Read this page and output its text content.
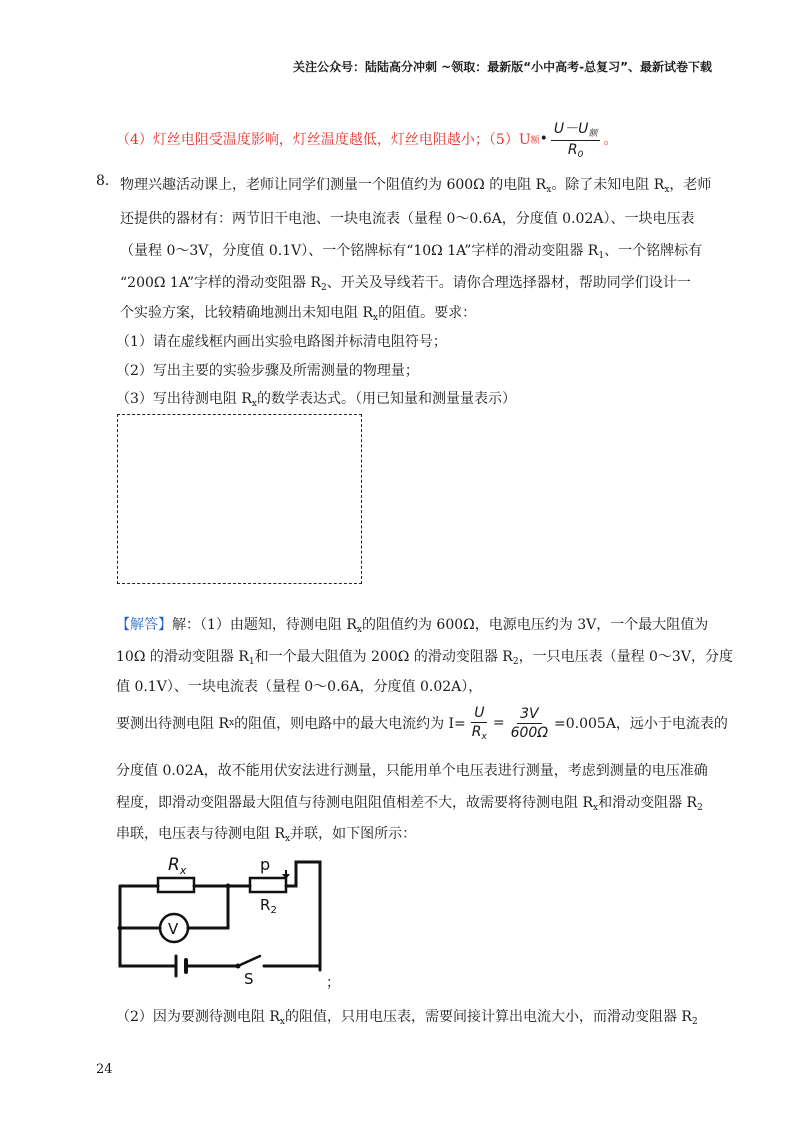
关注公众号：陆陆高分冲刺 ~领取：最新版“小中高考-总复习”、最新试卷下载
（4）灯丝电阻受温度影响，灯丝温度越低，灯丝电阻越小；（5）U 额 • $\frac{U-U_额}{R_0}$ 。
8． 物理兴趣活动课上，老师让同学们测量一个阻值约为 600Ω 的电阻 $R_x$。除了未知电阻 $R_x$，老师
还提供的器材有：两节旧干电池、一块电流表（量程 0～0.6A，分度值 0.02A）、一块电压表
（量程 0～3V，分度值 0.1V）、一个铭牌标有“10Ω 1A”字样的滑动变阻器 $R_1$、一个铭牌标有
“200Ω 1A”字样的滑动变阻器 $R_2$、开关及导线若干。请你合理选择器材，帮助同学们设计一
个实验方案，比较精确地测出未知电阻 $R_x$的阻值。要求：
（1）请在虚线框内画出实验电路图并标清电阻符号；
（2）写出主要的实验步骤及所需测量的物理量；
（3）写出待测电阻 $R_x$的数学表达式。（用已知量和测量量表示）
【解答】解：（1）由题知，待测电阻 $R_x$的阻值约为 600Ω，电源电压约为 3V，一个最大阻值为
10Ω 的滑动变阻器 $R_1$和一个最大阻值为 200Ω 的滑动变阻器 $R_2$，一只电压表（量程 0～3V，分度
值 0.1V）、一块电流表（量程 0～0.6A，分度值 0.02A），
要测出待测电阻 R x 的阻值，则电路中的最大电流约为 $I= \frac{U}{R_x} = \frac{3V}{600\Omega} =0.005A$，远小于电流表的
分度值 0.02A，故不能用伏安法进行测量，只能用单个电压表进行测量，考虑到测量的电压准确
程度，即滑动变阻器最大阻值与待测电阻阻值相差不大，故需要将待测电阻 $R_x$和滑动变阻器 $R_2$
串联，电压表与待测电阻 $R_x$并联，如下图所示：
$R_x$	p
$R_2$
V
S	；
（2）因为要测待测电阻 $R_x$的阻值，只用电压表，需要间接计算出电流大小，而滑动变阻器 $R_2$
24
